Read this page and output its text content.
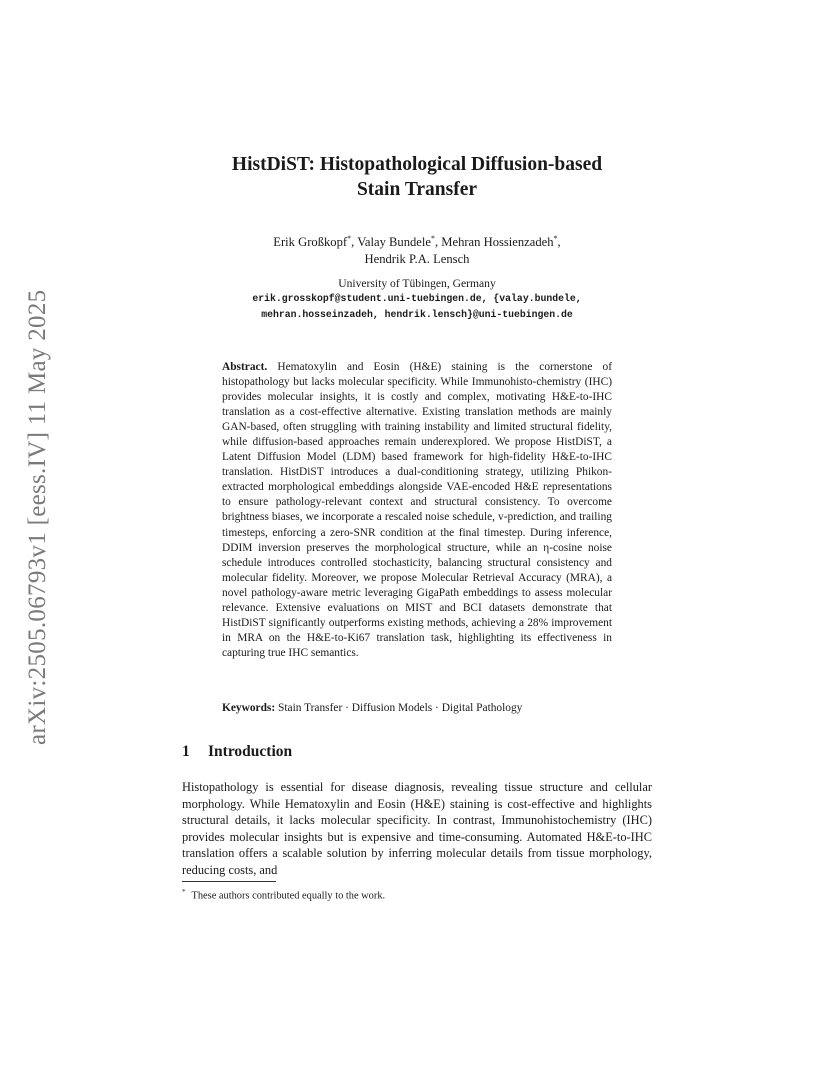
arXiv:2505.06793v1 [eess.IV] 11 May 2025
HistDiST: Histopathological Diffusion-based
Stain Transfer
Erik Großkopf*, Valay Bundele*, Mehran Hossienzadeh*,
Hendrik P.A. Lensch
University of Tübingen, Germany
erik.grosskopf@student.uni-tuebingen.de, {valay.bundele,
mehran.hosseinzadeh, hendrik.lensch}@uni-tuebingen.de
Abstract. Hematoxylin and Eosin (H&E) staining is the cornerstone of histopathology but lacks molecular specificity. While Immunohisto-chemistry (IHC) provides molecular insights, it is costly and complex, motivating H&E-to-IHC translation as a cost-effective alternative. Existing translation methods are mainly GAN-based, often struggling with training instability and limited structural fidelity, while diffusion-based approaches remain underexplored. We propose HistDiST, a Latent Diffusion Model (LDM) based framework for high-fidelity H&E-to-IHC translation. HistDiST introduces a dual-conditioning strategy, utilizing Phikon-extracted morphological embeddings alongside VAE-encoded H&E representations to ensure pathology-relevant context and structural consistency. To overcome brightness biases, we incorporate a rescaled noise schedule, v-prediction, and trailing timesteps, enforcing a zero-SNR condition at the final timestep. During inference, DDIM inversion preserves the morphological structure, while an η-cosine noise schedule introduces controlled stochasticity, balancing structural consistency and molecular fidelity. Moreover, we propose Molecular Retrieval Accuracy (MRA), a novel pathology-aware metric leveraging GigaPath embeddings to assess molecular relevance. Extensive evaluations on MIST and BCI datasets demonstrate that HistDiST significantly outperforms existing methods, achieving a 28% improvement in MRA on the H&E-to-Ki67 translation task, highlighting its effectiveness in capturing true IHC semantics.
Keywords: Stain Transfer · Diffusion Models · Digital Pathology
1 Introduction
Histopathology is essential for disease diagnosis, revealing tissue structure and cellular morphology. While Hematoxylin and Eosin (H&E) staining is cost-effective and highlights structural details, it lacks molecular specificity. In contrast, Immunohistochemistry (IHC) provides molecular insights but is expensive and time-consuming. Automated H&E-to-IHC translation offers a scalable solution by inferring molecular details from tissue morphology, reducing costs, and
* These authors contributed equally to the work.
